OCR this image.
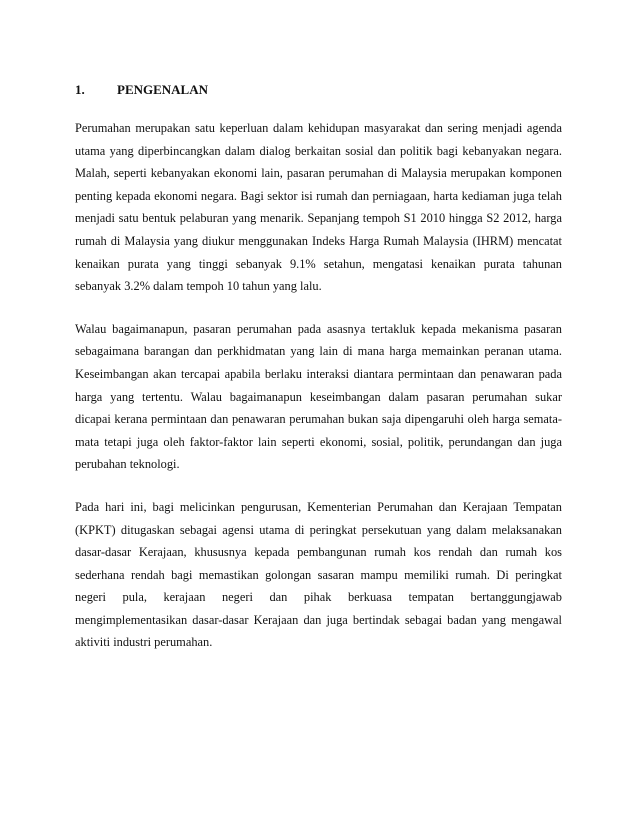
1.	PENGENALAN
Perumahan merupakan satu keperluan dalam kehidupan masyarakat dan sering menjadi agenda
utama yang diperbincangkan dalam dialog berkaitan sosial dan politik bagi kebanyakan negara.
Malah, seperti kebanyakan ekonomi lain, pasaran perumahan di Malaysia merupakan komponen
penting kepada ekonomi negara. Bagi sektor isi rumah dan perniagaan, harta kediaman juga telah
menjadi satu bentuk pelaburan yang menarik. Sepanjang tempoh S1 2010 hingga S2 2012, harga
rumah di Malaysia yang diukur menggunakan Indeks Harga Rumah Malaysia (IHRM) mencatat
kenaikan purata yang tinggi sebanyak 9.1% setahun, mengatasi kenaikan purata tahunan
sebanyak 3.2% dalam tempoh 10 tahun yang lalu.
Walau bagaimanapun, pasaran perumahan pada asasnya tertakluk kepada mekanisma pasaran
sebagaimana barangan dan perkhidmatan yang lain di mana harga memainkan peranan utama.
Keseimbangan akan tercapai apabila berlaku interaksi diantara permintaan dan penawaran pada
harga yang tertentu. Walau bagaimanapun keseimbangan dalam pasaran perumahan sukar
dicapai kerana permintaan dan penawaran perumahan bukan saja dipengaruhi oleh harga semata-
mata tetapi juga oleh faktor-faktor lain seperti ekonomi, sosial, politik, perundangan dan juga
perubahan teknologi.
Pada hari ini, bagi melicinkan pengurusan, Kementerian Perumahan dan Kerajaan Tempatan
(KPKT) ditugaskan sebagai agensi utama di peringkat persekutuan yang dalam melaksanakan
dasar-dasar Kerajaan, khususnya kepada pembangunan rumah kos rendah dan rumah kos
sederhana rendah bagi memastikan golongan sasaran mampu memiliki rumah. Di peringkat
negeri pula, kerajaan negeri dan pihak berkuasa tempatan bertanggungjawab
mengimplementasikan dasar-dasar Kerajaan dan juga bertindak sebagai badan yang mengawal
aktiviti industri perumahan.
